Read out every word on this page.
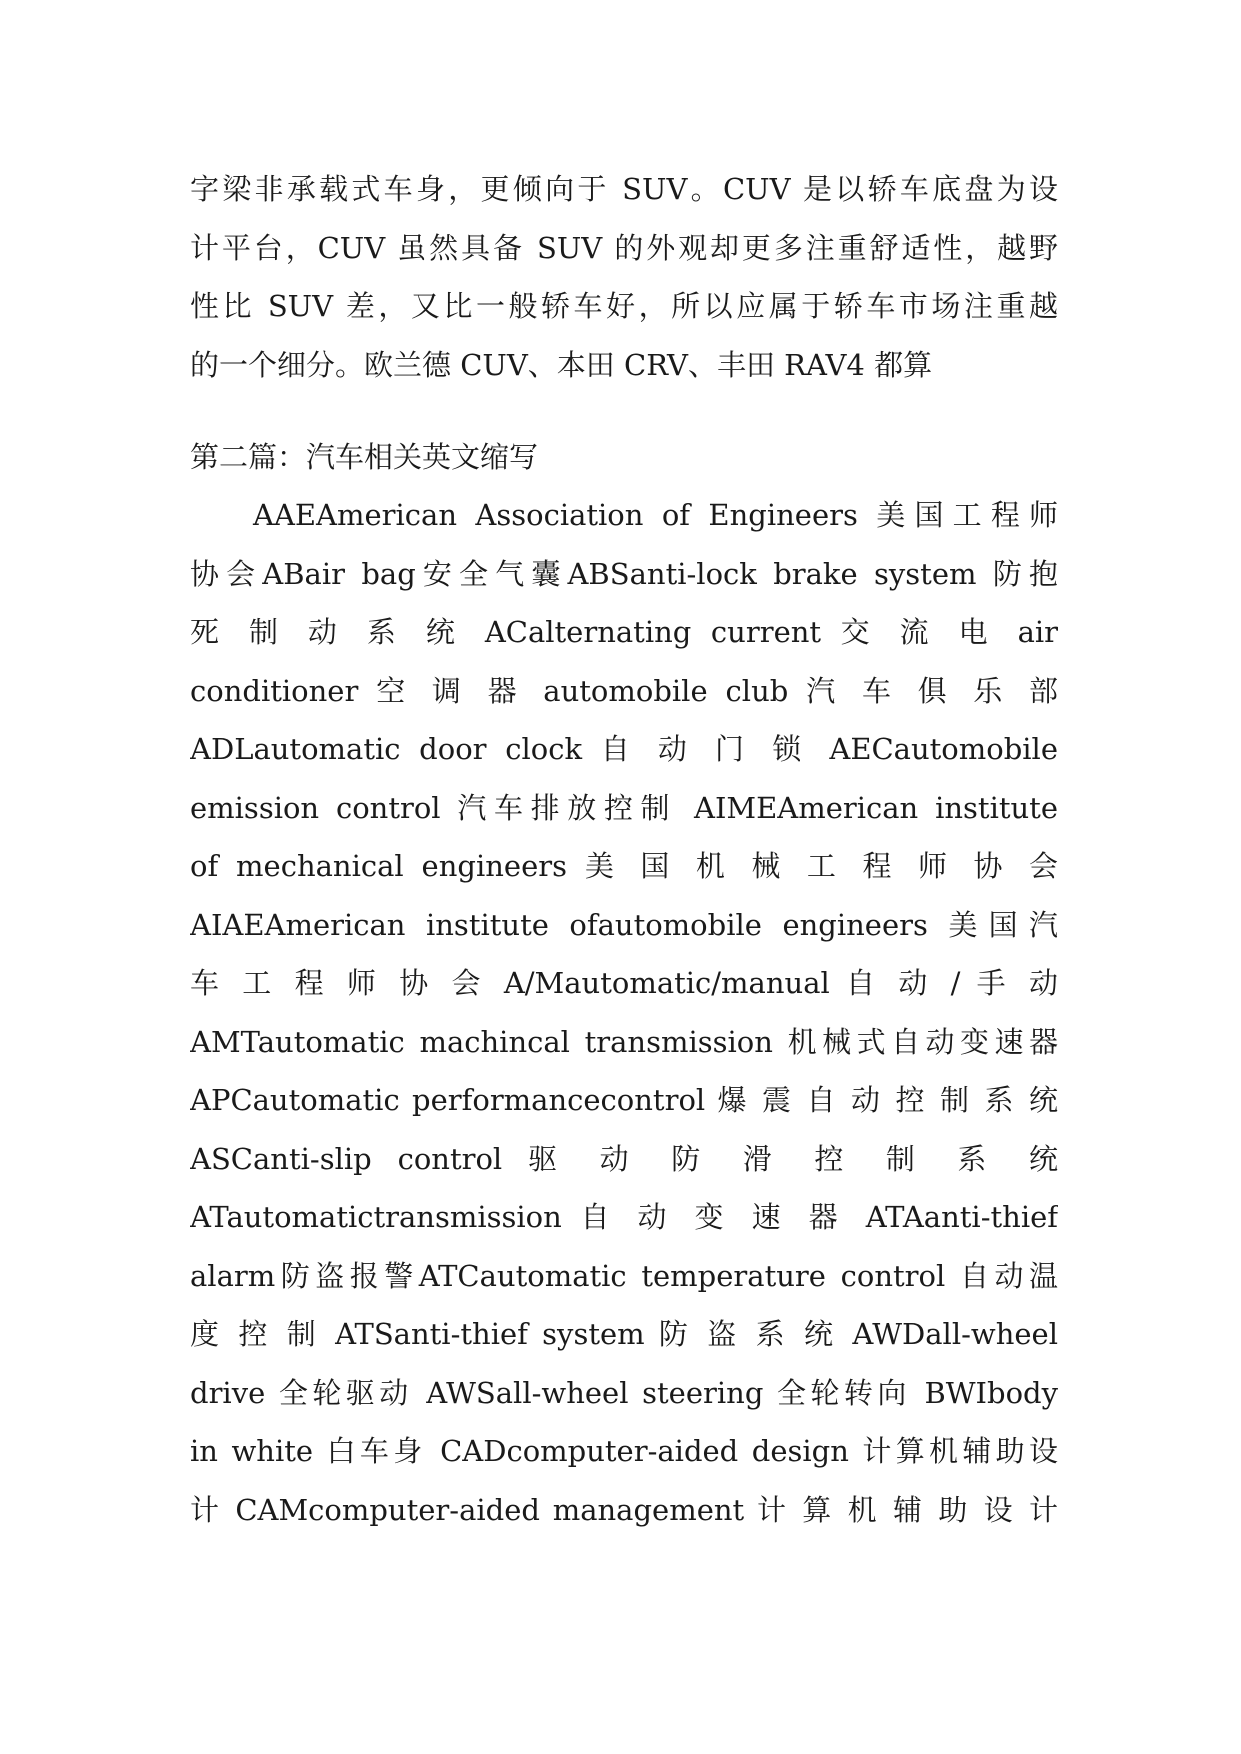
字梁非承载式车身，更倾向于 SUV。CUV 是以轿车底盘为设
计平台，CUV 虽然具备 SUV 的外观却更多注重舒适性，越野
性比 SUV 差，又比一般轿车好，所以应属于轿车市场注重越
的一个细分。欧兰德 CUV、本田 CRV、丰田 RAV4 都算
第二篇：汽车相关英文缩写
AAEAmerican Association of Engineers 美国工程师
协会ABair bag安全气囊ABSanti-lock brake system 防抱
死 制 动 系 统 ACalternating current 交 流 电 air
conditioner 空 调 器 automobile club 汽 车 俱 乐 部
ADLautomatic door clock 自 动 门 锁 AECautomobile
emission control 汽车排放控制 AIMEAmerican institute
of mechanical engineers 美 国 机 械 工 程 师 协 会
AIAEAmerican institute ofautomobile engineers 美国汽
车 工 程 师 协 会 A/Mautomatic/manual 自 动 / 手 动
AMTautomatic machincal transmission 机械式自动变速器
APCautomatic performancecontrol 爆 震 自 动 控 制 系 统
ASCanti-slip control 驱 动 防 滑 控 制 系 统
ATautomatictransmission 自 动 变 速 器 ATAanti-thief
alarm防盗报警ATCautomatic temperature control 自动温
度 控 制 ATSanti-thief system 防 盗 系 统 AWDall-wheel
drive 全轮驱动 AWSall-wheel steering 全轮转向 BWIbody
in white 白车身 CADcomputer-aided design 计算机辅助设
计 CAMcomputer-aided management 计 算 机 辅 助 设 计
